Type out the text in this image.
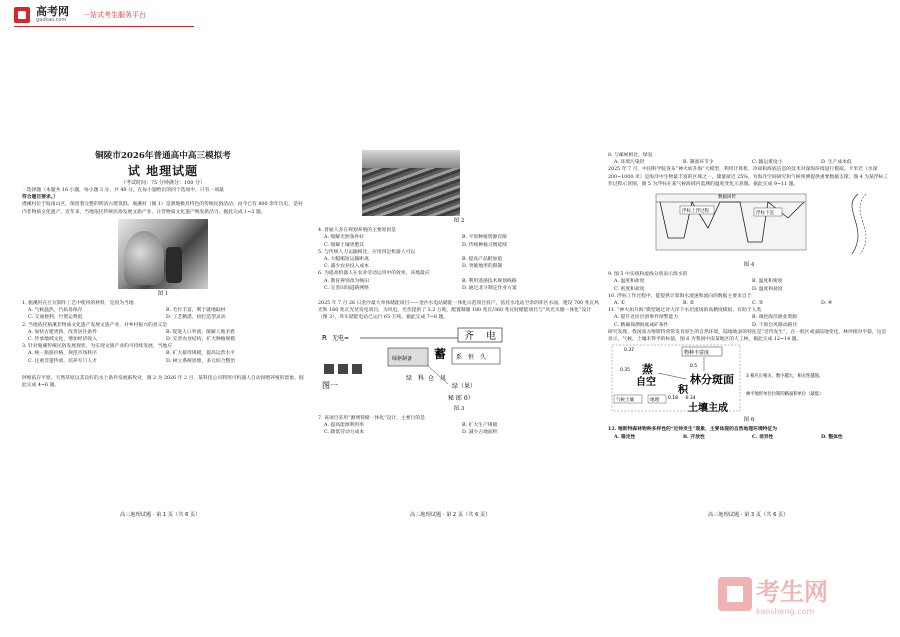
高考网
gaokao.com
一站式考生服务平台
铜陵市2026年普通高中高三模拟考
试 地理试题
（考试时间：75 分钟满分：100 分）

一选择题（本题共 16 小题，每小题 3 分，共 48 分。在每小题给出的四个选项中，只有一项最
符合题目要求。）

潜溪村位于皖南山区，保留着完整的明清古建筑群。瓶溪村（图 1）是潜地极具特色的传统民俗活动，由今已有 800 余年历史，是村内非物质文化遗产。近年来，当地依托传统民俗发展文旅产业，让非物质文化遗产焕发新活力。据此完成 1~3 题。

图 1

1. 瓶溪村在巨瓦制作工艺中使用的材料，是因为当地

A. 气候温热，竹质易保存	B. 毛竹丰富，利于就地取材
C. 交通便利，竹资运费低	D. 工艺精湛，拍打造型灵动

2. 当地依托瓶溪非物质文化遗产发展文旅产业，对乡村振兴的意义是

A. 加快古建更新，改善居住条件	B. 促进人口外流，缓解人地矛盾
C. 传承地域文化，增加经济收入	D. 完善农业结构，扩大种植规模

3. 针对瓶溪传统民俗发展现状，为实现文旅产业的可持续发展，当地应

A. 统一旅游价格，规范市场秩序	B. 扩大接待规模，提高运营水平
C. 注重非遗传承，培养专门人才	D. 树立系统思维，多元综合整治

阿维依存平原，天然草原以其良好的水土条件发展畜牧业，图 2 为 2026 年 2 月，某科技公司利用可机器人自动饲喂养殖的景象。据此完成 4~6 题。

高三地理试题 · 第 1 页（共 6 页）
图 2

4. 普通人多在规划养殖的主要原因是

A. 缓解光照条件好	B. 平原种植资源有限
C. 缓解土壤更肥沃	D. 传统种植习惯延续

5. 与传统人力运输相比，应用四足机器人可以

A. 大幅缩短运输距离	B. 提高产品附加值
C. 减少农业投入成本	D. 突破地形的限制

6. 为提高机器人在农业劳动运用中的效率，该地最应

A. 教育辨别改为畅田	B. 利用遥感技术规划线路
C. 完善田间道路网络	D. 通过北斗制定作业方案

2025 年 7 月 26 日金沙最大单体储能项目——金沙水电站储能一体化示范项目投产，依托水电站空余的库区水面，建设 700 兆瓦风光和 180 兆瓦光伏发电项目，为风电、光伏提供了 3.2 万吨，配置制储 180 兆瓦/360 兆瓦时储能项目与“风光水储一体化”设计（图 3），库车储能电站已运行 65 万吨。据此完成 7~8 题。

R 无电=	齐 电
绿驱制备 蓄 系 恒 久
图一
绿 科 仓 风
绿（果）
秘 郎 0）
图 3

7. 该项目采用“源网荷储一体化”设计，主要目的是

A. 提高能源利用率	B. 扩大生产规模
C. 降低劳动力成本	D. 减少占地面积
高三地理试题 · 第 2 页（共 6 页）

8. 与邮候相比，绿氢

A. 环境污染轻	B. 制备环节少	C. 输运难度小	D. 生产成本低

2025 年 7 月，中国科学院发布“神火如升海”大模型，利用计算机、冷却和海底信息的技术对深海环境进行模拟。卡米若（水深 200~1000 米）是海洋中生物最丰富的区域之一，储量接近 25%，为海洋空间研究和气候预测提供重要数据支撑。图 4 为某浮标工作过程示意图，图 5 为浮标在某气候海域内监测的温度变化示意图。据此完成 9~11 题。

浮标上浮过程	浮标下沉
数据回传
图 4

9. 图 5 中实线和虚线分别表示海水的

A. 温度和盐度	B. 温度和密度
C. 密度和盐度	D. 温度和盐度

10. 浮标工作过程中，能提供计算海水流速和流向的数据主要来自于

A. ①	B. ②	C. ③	D. ④

11. “神火如升海”模型通过对大洋下水层流场的高精度模拟，有助于人类

A. 提升近岸层滑事件预警能力	B. 调控海洋渔业资源
C. 精确探测海底成矿条件	D. 干预台风移动路径

研究发现，我国南方喀斯特常常发育原生的自然环境，陆地地表的特征是“近待发生”，在一般区或面陆地变化，林坪相对平稳，这是显示，气候，土壤未得平的标值，图 6 为我国中南某地区的人工林，据此完成 12~14 题。

物种丰富度
0.37
0.35 蒸
自空
0.5
林分斑面
积
-0.34
0.18
气候土壤	地理
土壤主成
3 相应正相关，数字越大，相关性越强。
林平地形单位拉斯的路面积单位（最低）
图 6

12. 喀斯特森林物种多样性的“近待发生”现象，主要体现的自然地理环境特征为

A. 稳定性	B. 开放性	C. 差异性	D. 整体性
高三地理试题 · 第 3 页（共 6 页）
考生网
kaosheng.com
